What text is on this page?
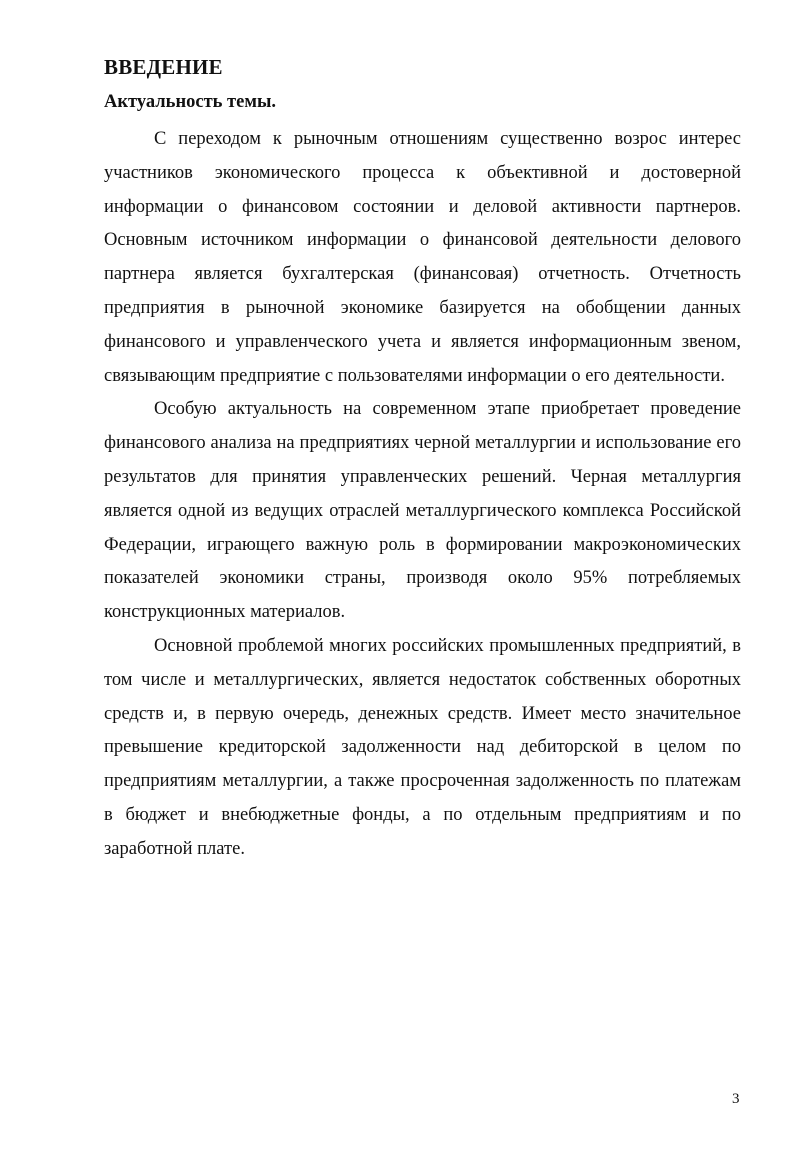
ВВЕДЕНИЕ
Актуальность темы.

С переходом к рыночным отношениям существенно возрос интерес участников экономического процесса к объективной и достоверной информации о финансовом состоянии и деловой активности партнеров. Основным источником информации о финансовой деятельности делового партнера является бухгалтерская (финансовая) отчетность. Отчетность предприятия в рыночной экономике базируется на обобщении данных финансового и управленческого учета и является информационным звеном, связывающим предприятие с пользователями информации о его деятельности.

Особую актуальность на современном этапе приобретает проведение финансового анализа на предприятиях черной металлургии и использование его результатов для принятия управленческих решений. Черная металлургия является одной из ведущих отраслей металлургического комплекса Российской Федерации, играющего важную роль в формировании макроэкономических показателей экономики страны, производя около 95% потребляемых конструкционных материалов.

Основной проблемой многих российских промышленных предприятий, в том числе и металлургических, является недостаток собственных оборотных средств и, в первую очередь, денежных средств. Имеет место значительное превышение кредиторской задолженности над дебиторской в целом по предприятиям металлургии, а также просроченная задолженность по платежам в бюджет и внебюджетные фонды, а по отдельным предприятиям и по заработной плате.

3
